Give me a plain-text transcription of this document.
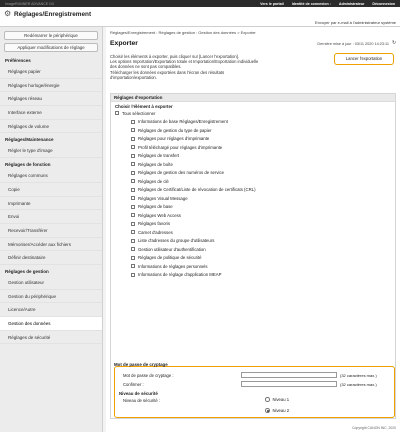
ImageRUNNER ADVANCE DX	Vers le portail Identité de connexion : Administrateur Déconnexion
⚙ Réglages/Enregistrement
Envoyer par e-mail à l'administrateur système
Redémarrer le périphérique
Appliquer modifications de réglage
Préférences
Réglages papier
Réglages horloge/énergie
Réglages réseau
Interface externe
Réglages de volume
Réglages/Maintenance
Régler le type d'image
Réglages de fonction
Réglages communs
Copie
Imprimante
Envoi
Recevoir/Transférer
Mémoriser/Accéder aux fichiers
Définir destinataire
Réglages de gestion
Gestion utilisateur
Gestion du périphérique
Licence/Autre
Gestion des données
Réglages de sécurité
Réglages/Enregistrement : Réglages de gestion : Gestion des données > Exporter
Exporter	Dernière mise à jour : 03/11 2020 14:23:11 ↻
Choisir les éléments à exporter, puis cliquer sur [Lancer l'exportation].
Les options Importation/Exportation totale et Importation/Exportation individuelle
des données ne sont pas compatibles.
Télécharger les données exportées dans l'écran des résultats
d'importation/exportation.
Lancer l'exportation
Réglages d'exportation
Choisir l'élément à exporter
Tous sélectionner
Informations de base Réglages/Enregistrement
Réglages de gestion du type de papier
Réglages pour réglages d'imprimante
Profil téléchargé pour réglages d'imprimante
Réglages de transfert
Réglages de boîte
Réglages de gestion des numéros de service
Réglages de clé
Réglages de Certificat/Liste de révocation de certificats (CRL)
Réglages Visual Message
Réglages de base
Réglages Web Access
Réglages favoris
Carnet d'adresses
Liste d'adresses du groupe d'utilisateurs
Gestion utilisateur d'authentification
Réglages de politique de sécurité
Informations de réglages personnels
Informations de réglage d'application MEAP
Mot de passe de cryptage
Mot de passe de cryptage :	(32 caractères max.)
Confirmer :	(32 caractères max.)
Niveau de sécurité
Niveau de sécurité :	Niveau 1
Niveau 2
Copyright CANON INC. 2020
